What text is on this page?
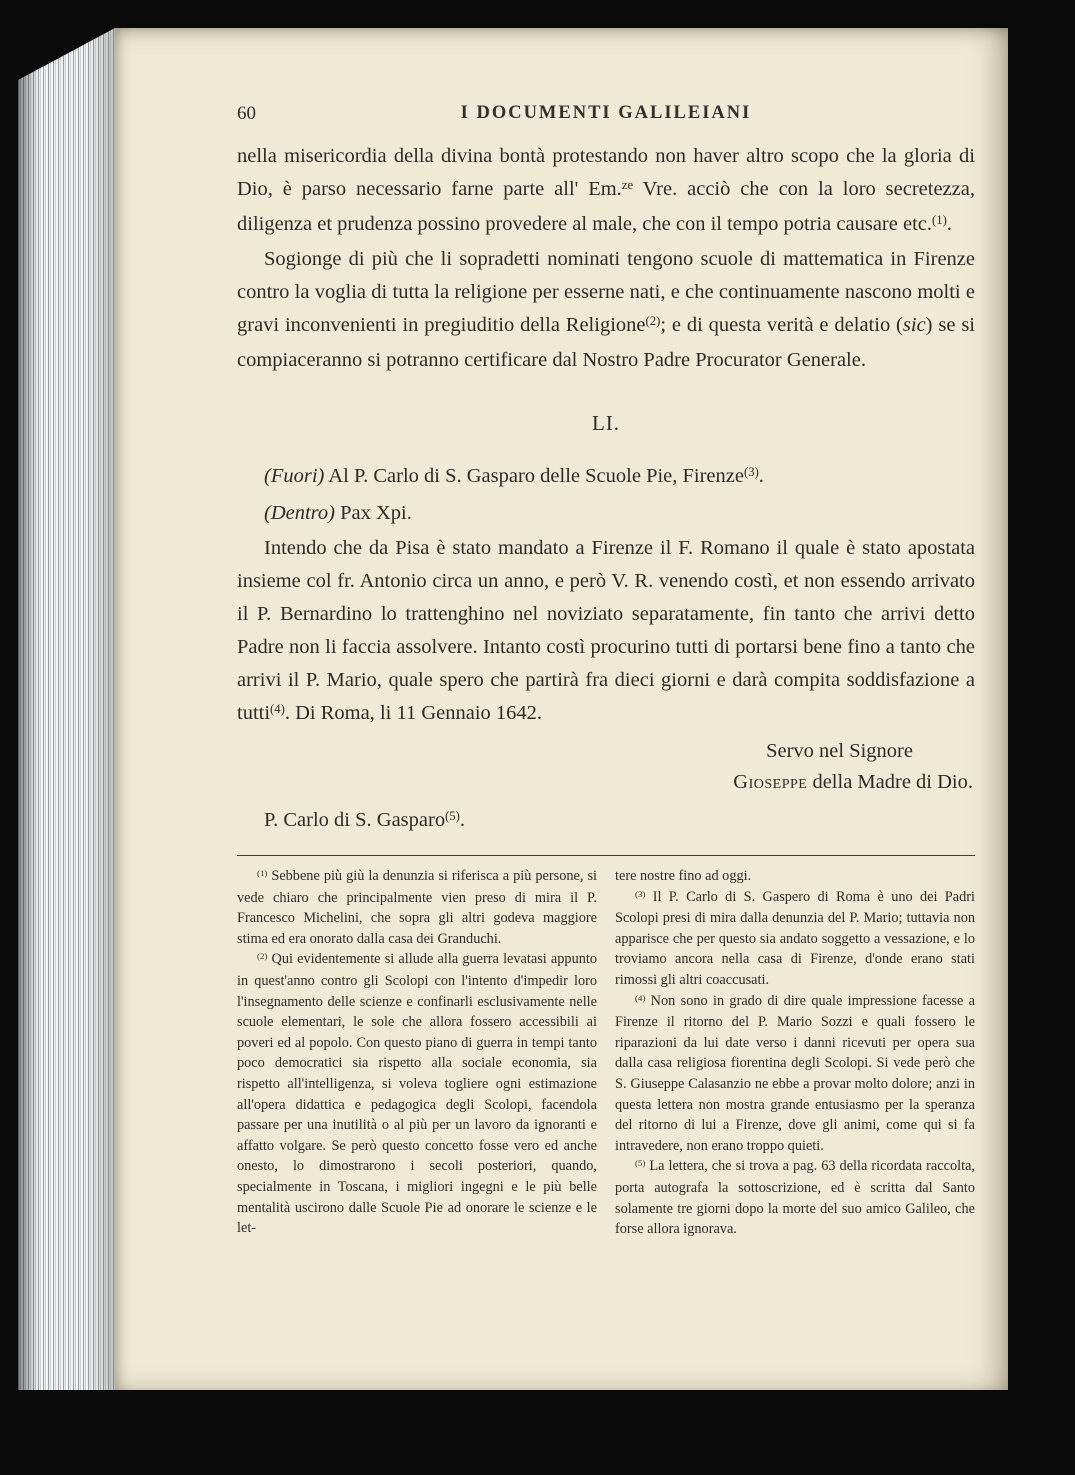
60	I DOCUMENTI GALILEIANI

nella misericordia della divina bontà protestando non haver altro scopo che la gloria di Dio, è parso necessario farne parte all' Em.$^{ze}$ Vre. acciò che con la loro secretezza, diligenza et prudenza possino provedere al male, che con il tempo potria causare etc.$^{(1)}$.

Sogionge di più che li sopradetti nominati tengono scuole di mattematica in Firenze contro la voglia di tutta la religione per esserne nati, e che continuamente nascono molti e gravi inconvenienti in pregiuditio della Religione$^{(2)}$; e di questa verità e delatio (sic) se si compiaceranno si potranno certificare dal Nostro Padre Procurator Generale.

LI.

(Fuori) Al P. Carlo di S. Gasparo delle Scuole Pie, Firenze$^{(3)}$.

(Dentro) Pax Xpi.

Intendo che da Pisa è stato mandato a Firenze il F. Romano il quale è stato apostata insieme col fr. Antonio circa un anno, e però V. R. venendo costì, et non essendo arrivato il P. Bernardino lo trattenghino nel noviziato separatamente, fin tanto che arrivi detto Padre non li faccia assolvere. Intanto costì procurino tutti di portarsi bene fino a tanto che arrivi il P. Mario, quale spero che partirà fra dieci giorni e darà compita soddisfazione a tutti$^{(4)}$. Di Roma, li 11 Gennaio 1642.

Servo nel Signore
Gioseppe della Madre di Dio.

P. Carlo di S. Gasparo$^{(5)}$.

$^{(1)}$ Sebbene più giù la denunzia si riferisca a più persone, si vede chiaro che principalmente vien preso di mira il P. Francesco Michelini, che sopra gli altri godeva maggiore stima ed era onorato dalla casa dei Granduchi.

$^{(2)}$ Qui evidentemente si allude alla guerra levatasi appunto in quest'anno contro gli Scolopi con l'intento d'impedir loro l'insegnamento delle scienze e confinarli esclusivamente nelle scuole elementari, le sole che allora fossero accessibili ai poveri ed al popolo. Con questo piano di guerra in tempi tanto poco democratici sia rispetto alla sociale economia, sia rispetto all'intelligenza, si voleva togliere ogni estimazione all'opera didattica e pedagogica degli Scolopi, facendola passare per una inutilità o al più per un lavoro da ignoranti e affatto volgare. Se però questo concetto fosse vero ed anche onesto, lo dimostrarono i secoli posteriori, quando, specialmente in Toscana, i migliori ingegni e le più belle mentalità uscirono dalle Scuole Pie ad onorare le scienze e le let-

tere nostre fino ad oggi.

$^{(3)}$ Il P. Carlo di S. Gaspero di Roma è uno dei Padri Scolopi presi di mira dalla denunzia del P. Mario; tuttavia non apparisce che per questo sia andato soggetto a vessazione, e lo troviamo ancora nella casa di Firenze, d'onde erano stati rimossi gli altri coaccusati.

$^{(4)}$ Non sono in grado di dire quale impressione facesse a Firenze il ritorno del P. Mario Sozzi e quali fossero le riparazioni da lui date verso i danni ricevuti per opera sua dalla casa religiosa fiorentina degli Scolopi. Si vede però che S. Giuseppe Calasanzio ne ebbe a provar molto dolore; anzi in questa lettera non mostra grande entusiasmo per la speranza del ritorno di lui a Firenze, dove gli animi, come qui si fa intravedere, non erano troppo quieti.

$^{(5)}$ La lettera, che si trova a pag. 63 della ricordata raccolta, porta autografa la sottoscrizione, ed è scritta dal Santo solamente tre giorni dopo la morte del suo amico Galileo, che forse allora ignorava.
